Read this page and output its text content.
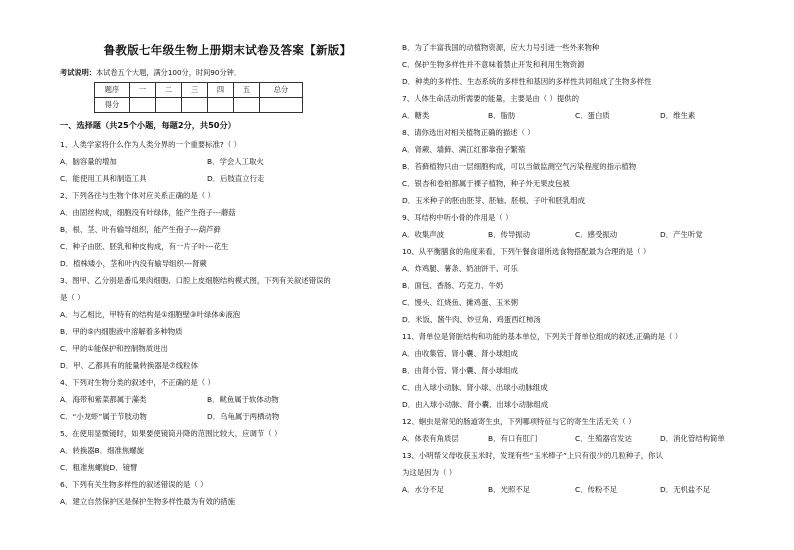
鲁教版七年级生物上册期末试卷及答案【新版】
考试说明：本试卷五个大题，满分100分，时间90分钟．
题序	一	二	三	四	五	总分
得分						
一、选择题（共25个小题，每题2分，共50分）
1、人类学家将什么作为人类分界的一个重要标准?（ ）
A．脑容量的增加	B．学会人工取火
C．能使用工具和制造工具	D．后肢直立行走
2、下列各往与生物个体对应关系正确的是（ ）
A．由固丝构成，细胞没有叶绿体，能产生孢子---蘑菇
B．根、茎、叶有输导组织，能产生孢子---葫芦藓
C．种子由胚、胚乳和种皮构成，有一片子叶---花生
D．植株矮小，茎和叶内没有输导组织---肾蕨
3、图甲、乙分别是番瓜果肉细胞、口腔上皮细胞结构模式图，下列有关叙述错误的
是（ ）
A．与乙相比，甲特有的结构是①细胞壁③叶绿体⑥液泡
B．甲的⑤内细胞液中溶解着多种物质
C．甲的①能保护和控制物质进出
D．甲、乙都具有的能量转换器是⑦线粒体
4、下列对生物分类的叙述中，不正确的是（ ）
A．海带和紫菜都属于藻类	B．鱿鱼属于软体动物
C．“小龙虾”属于节肢动物	D．乌龟属于两栖动物
5、在使用显微镜时，如果要使镜筒升降的范围比较大，应调节（ ）
A．转换器B．细准焦螺旋
C．粗准焦螺旋D．镜臂
6、下列有关生物多样性的叙述错误的是（ ）
A．建立自然保护区是保护生物多样性最为有效的措施
B．为了丰富我国的动植物资源，应大力号引进一些外来物种
C．保护生物多样性并不意味着禁止开发和利用生物资源
D．种类的多样性、生态系统的多样性和基因的多样性共同组成了生物多样性
7、人体生命活动所需要的能量，主要是由（ ）提供的
A．糖类	B．脂肪	C．蛋白质	D．维生素
8、请你选出对相关植物正确的描述（ ）
A．肾蕨、墙藓、满江红都靠孢子繁殖
B．苔藓植物只由一层细胞构成，可以当做监测空气污染程度的指示植物
C．银杏和卷柏都属于裸子植物，种子外无果皮包被
D．玉米种子的胚由胚芽、胚轴、胚根、子叶和胚乳组成
9、耳结构中听小骨的作用是（ ）
A．收集声波	B．传导振动	C．感受振动	D．产生听觉
10、从平衡膳食的角度来看，下列午餐食谱所选食物搭配最为合理的是（ ）
A．炸鸡腿、薯条、奶油饼干、可乐
B．面包、香肠、巧克力、牛奶
C．馒头、红烧鱼、摊鸡蛋、玉米粥
D．米饭、酱牛肉、炒豆角、鸡蛋西红柿汤
11、肾单位是肾脏结构和功能的基本单位，下列关于肾单位组成的叙述,正确的是（ ）
A．由收集管、肾小囊、肾小球组成
B．由肾小管、肾小囊、肾小球组成
C．由入球小动脉、肾小球、出球小动脉组成
D．由入球小动脉、肾小囊、出球小动脉组成
12、蛔虫是常见的肠道寄生虫，下列哪项特征与它的寄生生活无关（ ）
A．体表有角质层	B．有口有肛门	C．生殖器官发达	D．消化管结构简单
13、小明帮父母收获玉米时，发现有些“玉米棒子”上只有很少的几粒种子，你认
为这是因为（ ）
A．水分不足	B．光照不足	C．传粉不足	D．无机盐不足
